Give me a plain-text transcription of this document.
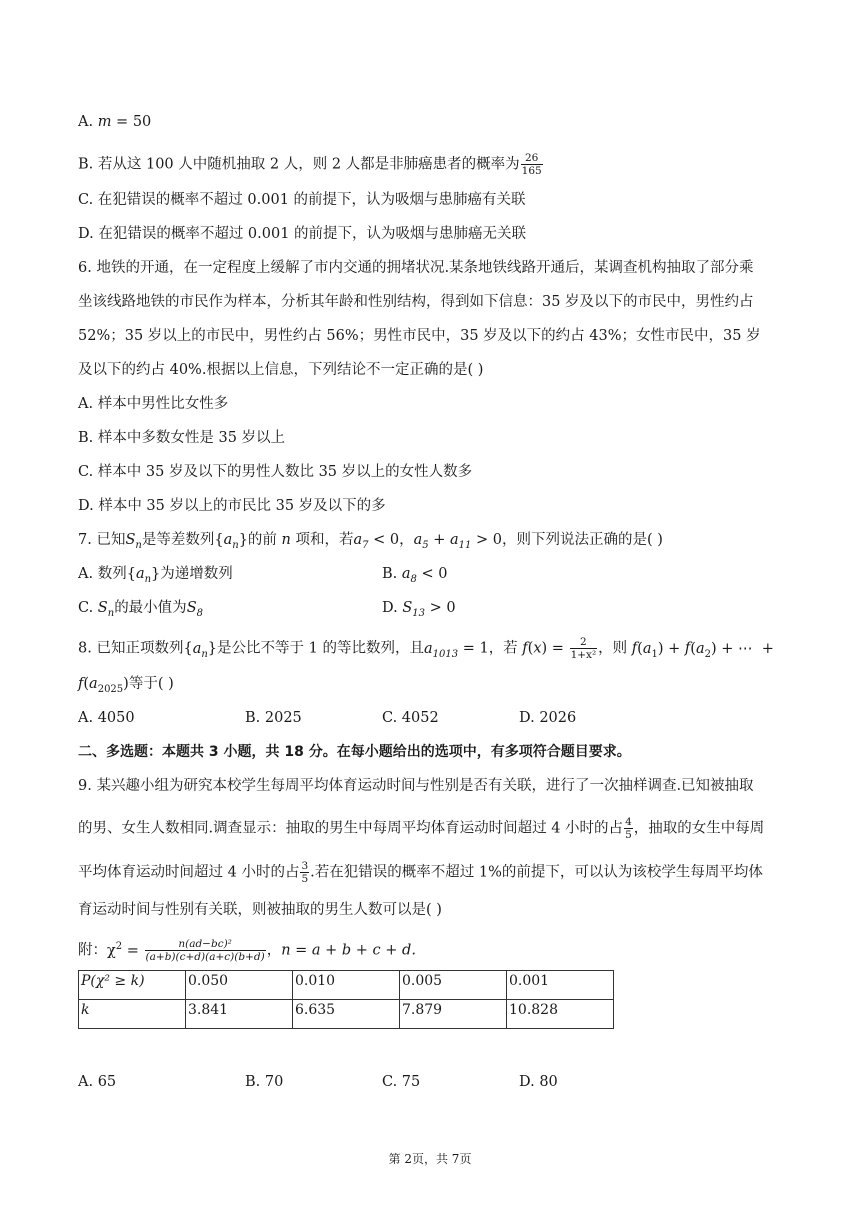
A. m = 50
B. 若从这 100 人中随机抽取 2 人，则 2 人都是非肺癌患者的概率为 $\frac{26}{165}$
C. 在犯错误的概率不超过 0.001 的前提下，认为吸烟与患肺癌有关联
D. 在犯错误的概率不超过 0.001 的前提下，认为吸烟与患肺癌无关联
6. 地铁的开通，在一定程度上缓解了市内交通的拥堵状况.某条地铁线路开通后，某调查机构抽取了部分乘
坐该线路地铁的市民作为样本，分析其年龄和性别结构，得到如下信息：35 岁及以下的市民中，男性约占
52%；35 岁以上的市民中，男性约占 56%；男性市民中，35 岁及以下的约占 43%；女性市民中，35 岁
及以下的约占 40%.根据以上信息，下列结论不一定正确的是( )
A. 样本中男性比女性多
B. 样本中多数女性是 35 岁以上
C. 样本中 35 岁及以下的男性人数比 35 岁以上的女性人数多
D. 样本中 35 岁以上的市民比 35 岁及以下的多
7. 已知$S_n$是等差数列$\{a_n\}$的前 n 项和，若$a_7 < 0$，$a_5 + a_{11} > 0$，则下列说法正确的是( )
A. 数列$\{a_n\}$为递增数列	B. $a_8 < 0$
C. $S_n$的最小值为$S_8$	D. $S_{13} > 0$
8. 已知正项数列$\{a_n\}$是公比不等于 1 的等比数列，且$a_{1013} = 1$，若 $f(x) = \frac{2}{\text{1+x²}}$ ，则 $f(a_1) + f(a_2)$ + ⋯  +
$f(a_{2025})$等于( )
A. 4050	B. 2025	C. 4052	D. 2026
二、多选题：本题共 3 小题，共 18 分。在每小题给出的选项中，有多项符合题目要求。
9. 某兴趣小组为研究本校学生每周平均体育运动时间与性别是否有关联，进行了一次抽样调查.已知被抽取
的男、女生人数相同.调查显示：抽取的男生中每周平均体育运动时间超过 4 小时的占 $\frac{4}{5}$ ，抽取的女生中每周
平均体育运动时间超过 4 小时的占 $\frac{3}{5}$ .若在犯错误的概率不超过 1%的前提下，可以认为该校学生每周平均体
育运动时间与性别有关联，则被抽取的男生人数可以是( )
附：$\chi^2 = \frac{\text{n(ad−bc)²}}{(a+b)(c+d)(a+c)(b+d)}$ ，n = a + b + c + d.
P(χ² ≥ k)	0.050	0.010	0.005	0.001
k	3.841	6.635	7.879	10.828
A. 65	B. 70	C. 75	D. 80
第 2页，共 7页
